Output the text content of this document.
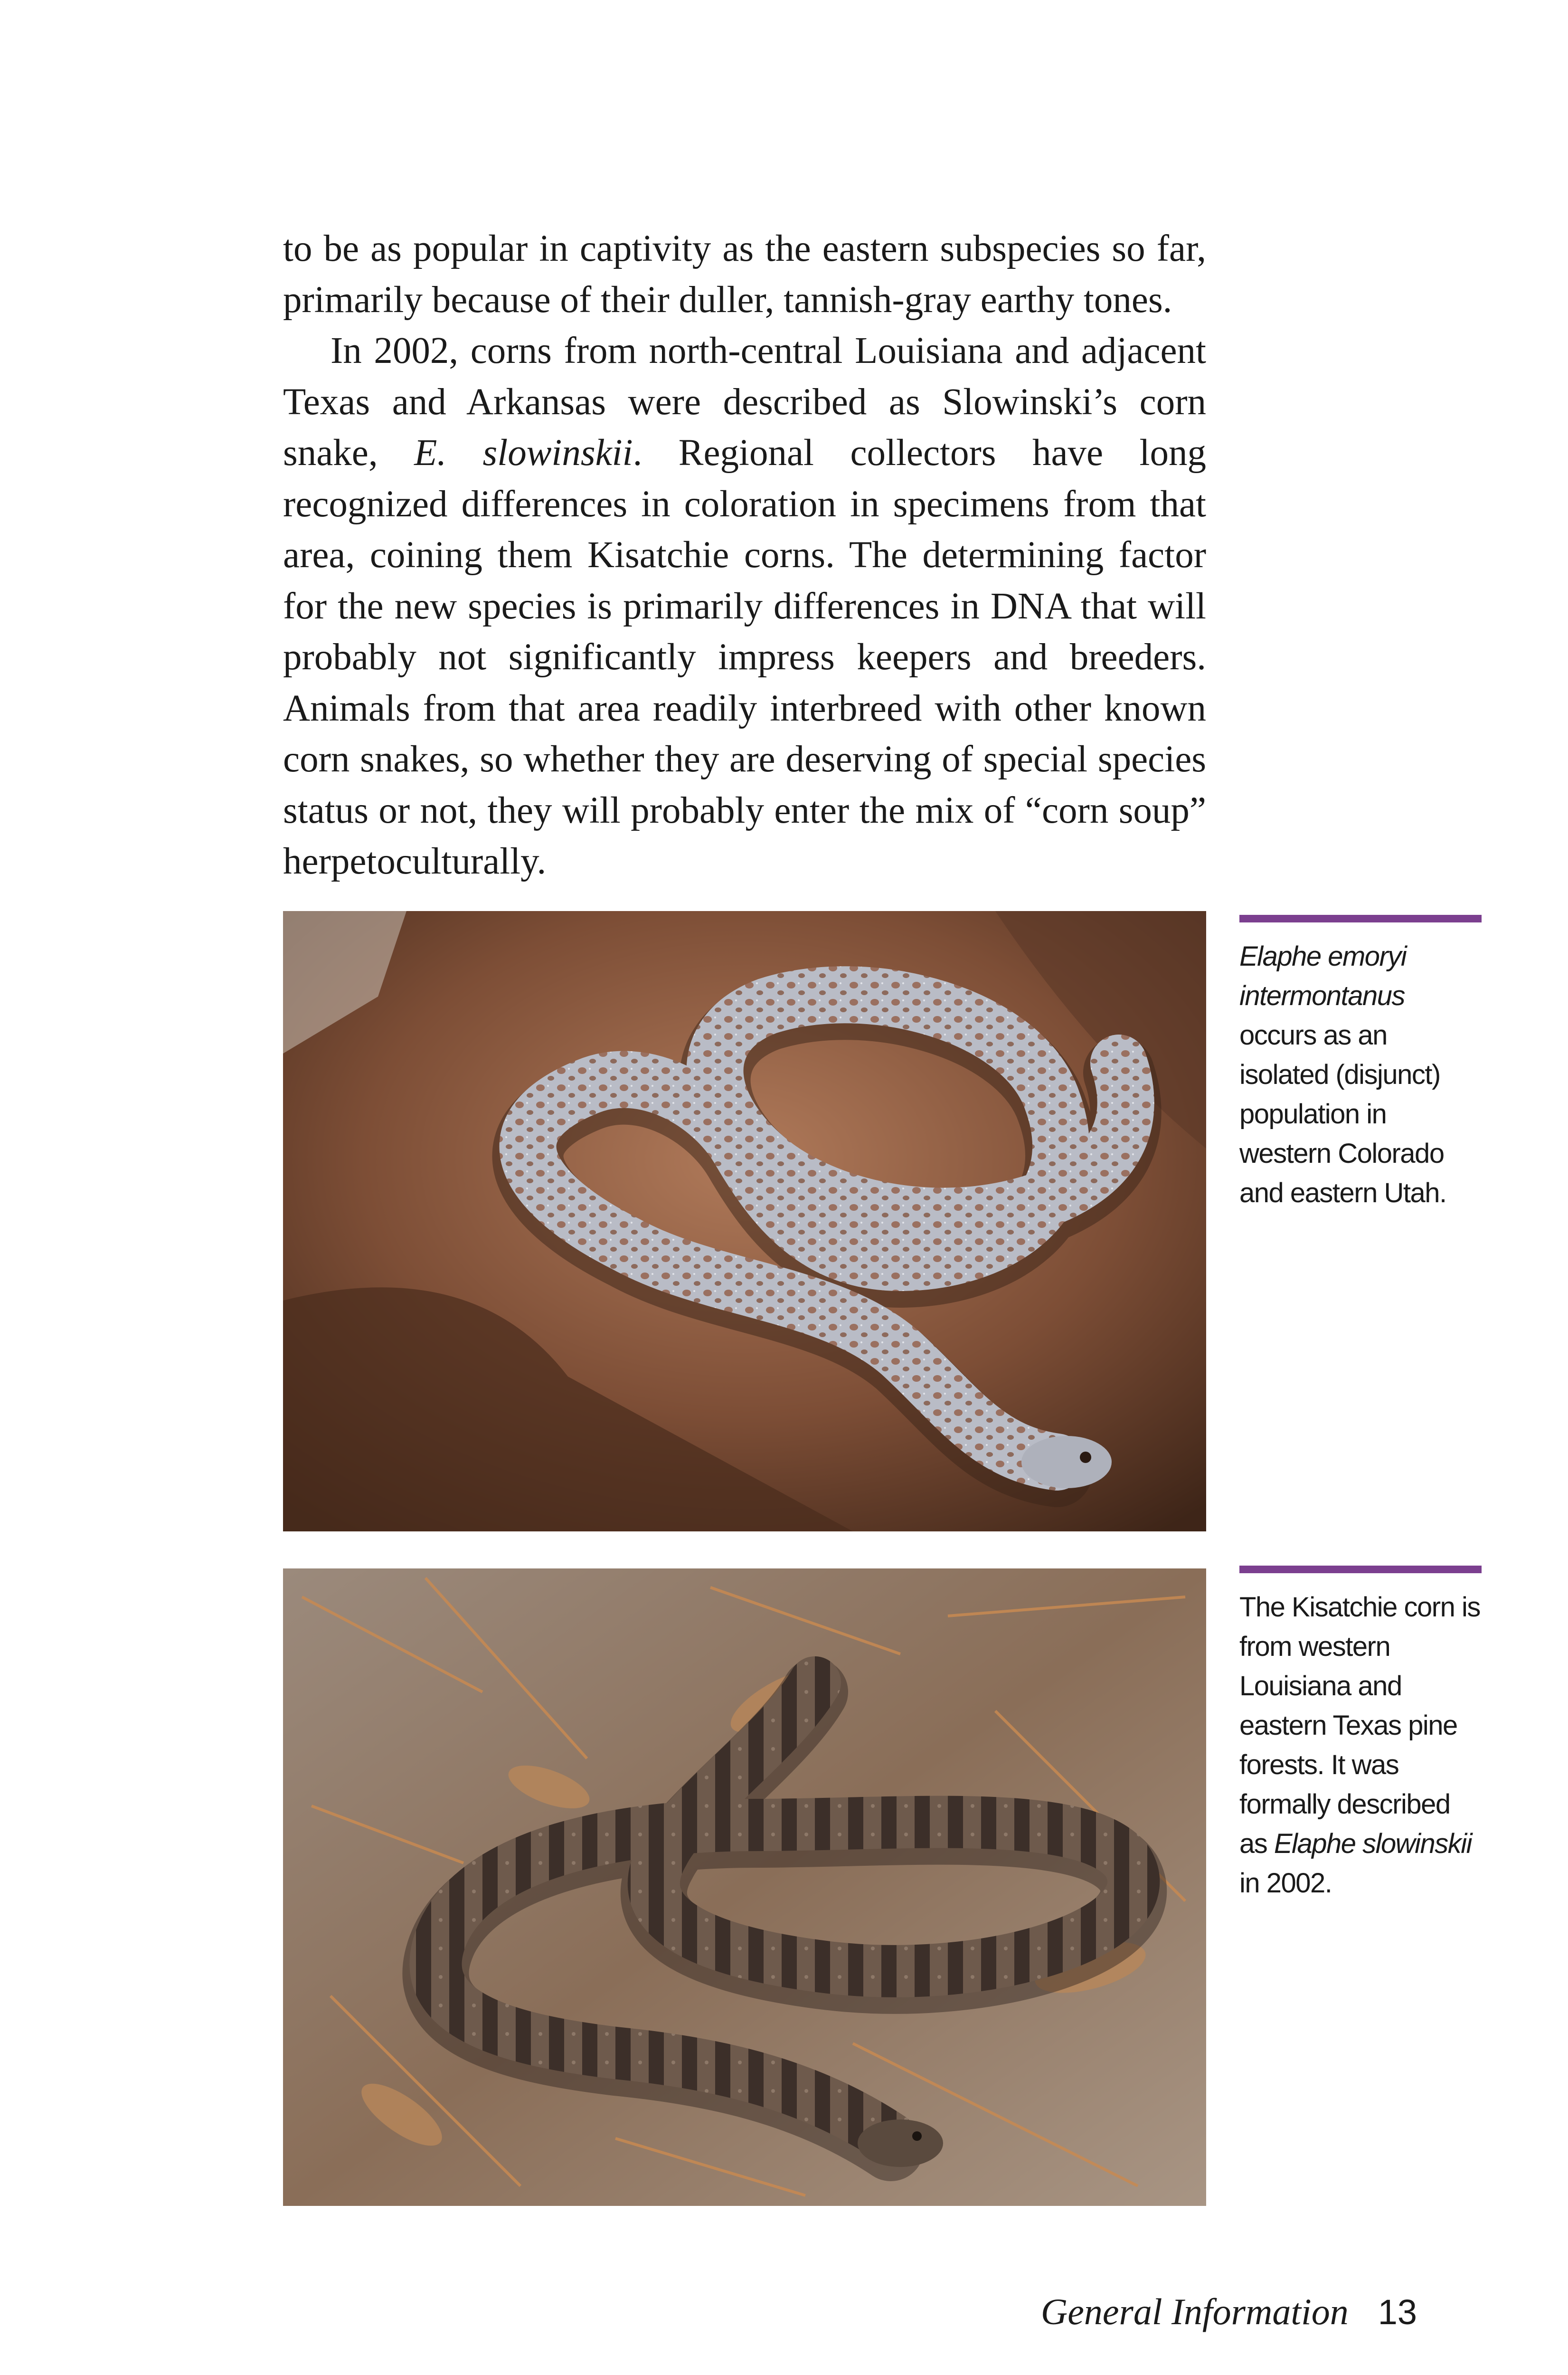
to be as popular in captivity as the eastern subspecies so far, primarily because of their duller, tannish-gray earthy tones.

In 2002, corns from north-central Louisiana and adjacent Texas and Arkansas were described as Slowinski’s corn snake, E. slowinskii. Regional collectors have long recognized differences in coloration in specimens from that area, coining them Kisatchie corns. The determining factor for the new species is primarily differences in DNA that will probably not significantly impress keepers and breeders. Animals from that area readily interbreed with other known corn snakes, so whether they are deserving of special species status or not, they will probably enter the mix of “corn soup” herpetoculturally.

Elaphe emoryi intermontanus occurs as an isolated (disjunct) population in western Colorado and eastern Utah.
The Kisatchie corn is from western Louisiana and eastern Texas pine forests. It was formally described as Elaphe slowinskii in 2002.
General Information 13
